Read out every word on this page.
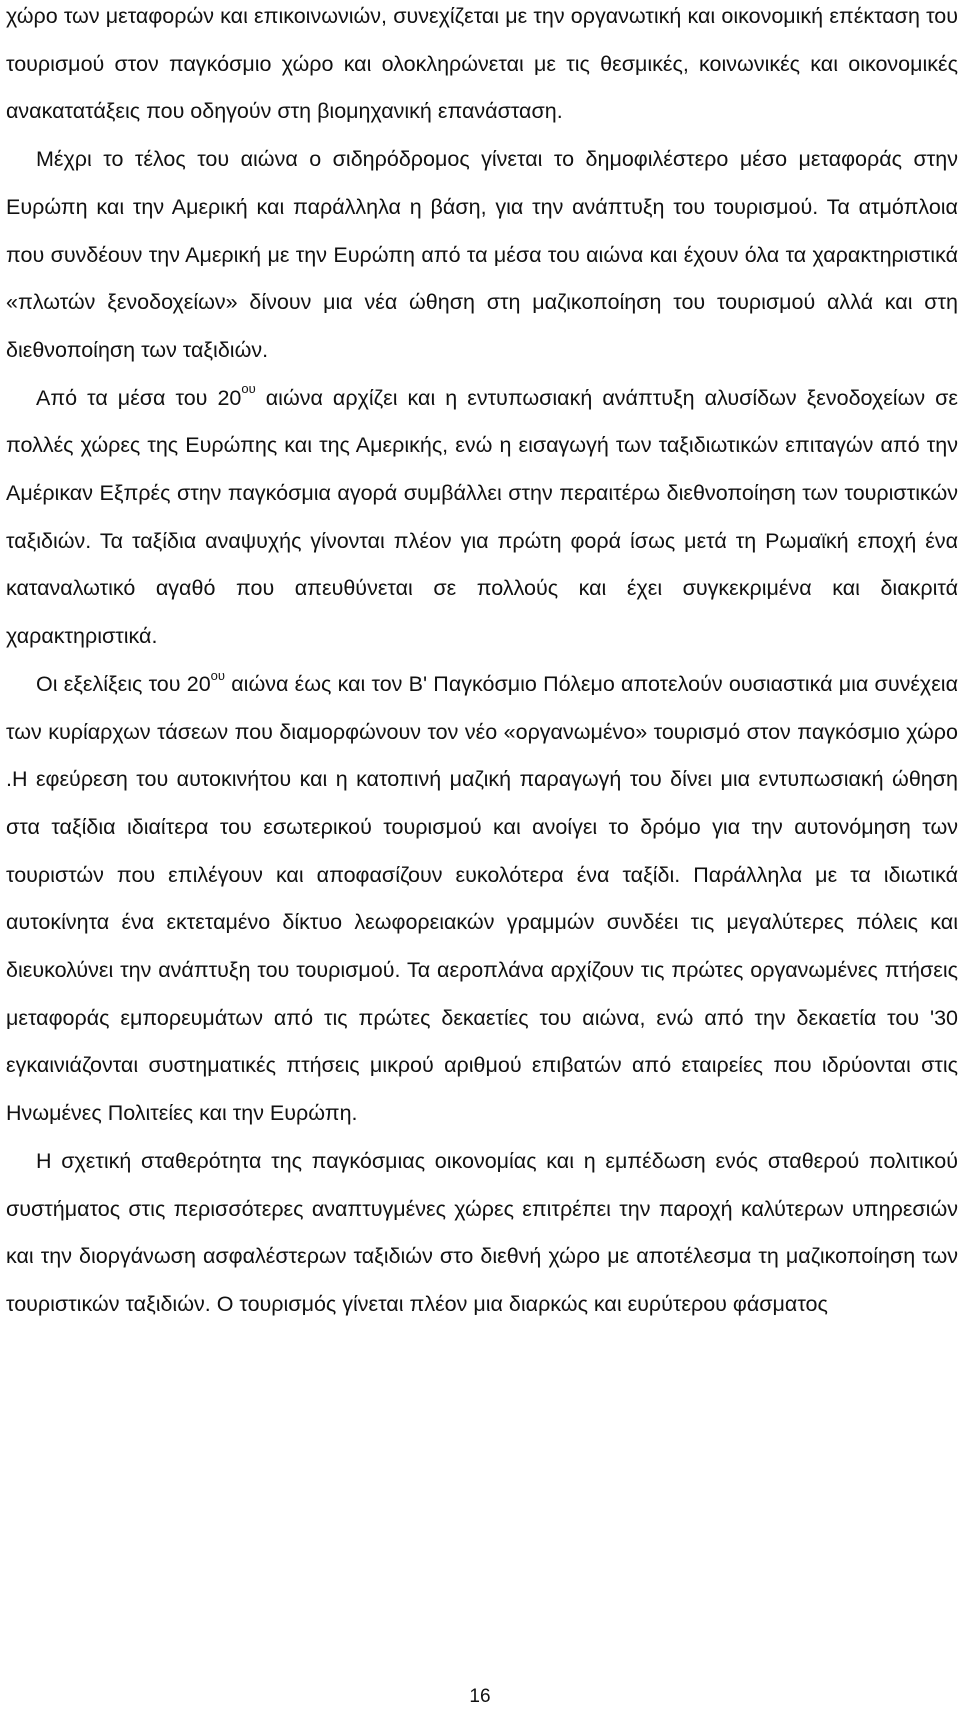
χώρο των μεταφορών και επικοινωνιών, συνεχίζεται με την οργανωτική και οικονομική επέκταση του τουρισμού στον παγκόσμιο χώρο και ολοκληρώνεται με τις θεσμικές, κοινωνικές και οικονομικές ανακατατάξεις που οδηγούν στη βιομηχανική επανάσταση.

Μέχρι το τέλος του αιώνα ο σιδηρόδρομος γίνεται το δημοφιλέστερο μέσο μεταφοράς στην Ευρώπη και την Αμερική και παράλληλα η βάση, για την ανάπτυξη του τουρισμού. Τα ατμόπλοια που συνδέουν την Αμερική με την Ευρώπη από τα μέσα του αιώνα και έχουν όλα τα χαρακτηριστικά «πλωτών ξενοδοχείων» δίνουν μια νέα ώθηση στη μαζικοποίηση του τουρισμού αλλά και στη διεθνοποίηση των ταξιδιών.

Από τα μέσα του $20^{o\upsilon}$ αιώνα αρχίζει και η εντυπωσιακή ανάπτυξη αλυσίδων ξενοδοχείων σε πολλές χώρες της Ευρώπης και της Αμερικής, ενώ η εισαγωγή των ταξιδιωτικών επιταγών από την Αμέρικαν Εξπρές στην παγκόσμια αγορά συμβάλλει στην περαιτέρω διεθνοποίηση των τουριστικών ταξιδιών. Τα ταξίδια αναψυχής γίνονται πλέον για πρώτη φορά ίσως μετά τη Ρωμαϊκή εποχή ένα καταναλωτικό αγαθό που απευθύνεται σε πολλούς και έχει συγκεκριμένα και διακριτά χαρακτηριστικά.

Οι εξελίξεις του $20^{o\upsilon}$ αιώνα έως και τον Β' Παγκόσμιο Πόλεμο αποτελούν ουσιαστικά μια συνέχεια των κυρίαρχων τάσεων που διαμορφώνουν τον νέο «οργανωμένο» τουρισμό στον παγκόσμιο χώρο .Η εφεύρεση του αυτοκινήτου και η κατοπινή μαζική παραγωγή του δίνει μια εντυπωσιακή ώθηση στα ταξίδια ιδιαίτερα του εσωτερικού τουρισμού και ανοίγει το δρόμο για την αυτονόμηση των τουριστών που επιλέγουν και αποφασίζουν ευκολότερα ένα ταξίδι. Παράλληλα με τα ιδιωτικά αυτοκίνητα ένα εκτεταμένο δίκτυο λεωφορειακών γραμμών συνδέει τις μεγαλύτερες πόλεις και διευκολύνει την ανάπτυξη του τουρισμού. Τα αεροπλάνα αρχίζουν τις πρώτες οργανωμένες πτήσεις μεταφοράς εμπορευμάτων από τις πρώτες δεκαετίες του αιώνα, ενώ από την δεκαετία του '30 εγκαινιάζονται συστηματικές πτήσεις μικρού αριθμού επιβατών από εταιρείες που ιδρύονται στις Ηνωμένες Πολιτείες και την Ευρώπη.

Η σχετική σταθερότητα της παγκόσμιας οικονομίας και η εμπέδωση ενός σταθερού πολιτικού συστήματος στις περισσότερες αναπτυγμένες χώρες επιτρέπει την παροχή καλύτερων υπηρεσιών και την διοργάνωση ασφαλέστερων ταξιδιών στο διεθνή χώρο με αποτέλεσμα τη μαζικοποίηση των τουριστικών ταξιδιών. Ο τουρισμός γίνεται πλέον μια διαρκώς και ευρύτερου φάσματος

16
